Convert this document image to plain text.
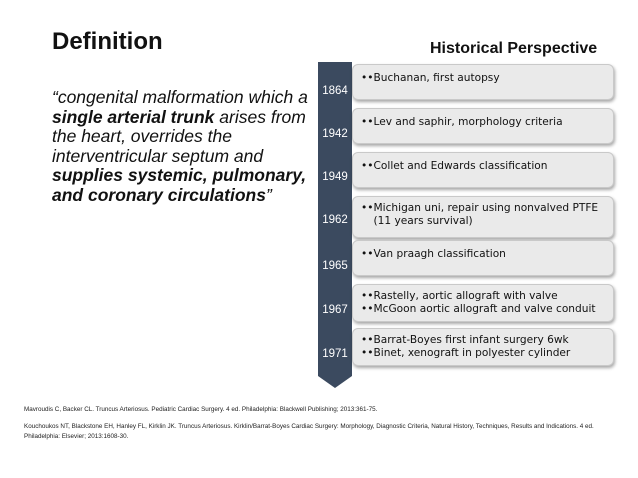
Definition	Historical Perspective
“congenital malformation which a single arterial trunk arises from the heart, overrides the interventricular septum and supplies systemic, pulmonary, and coronary circulations”
1864
•• Buchanan, first autopsy
1942
•• Lev and saphir, morphology criteria
1949
•• Collet and Edwards classification
1962
•• Michigan uni, repair using nonvalved PTFE (11 years survival)
1965
•• Van praagh classification
1967
•• Rastelly, aortic allograft with valve
•• McGoon aortic allograft and valve conduit
1971
•• Barrat-Boyes first infant surgery 6wk
•• Binet, xenograft in polyester cylinder
Mavroudis C, Backer CL. Truncus Arteriosus. Pediatric Cardiac Surgery. 4 ed. Philadelphia: Blackwell Publishing; 2013:361-75.
Kouchoukos NT, Blackstone EH, Hanley FL, Kirklin JK. Truncus Arteriosus. Kirklin/Barrat-Boyes Cardiac Surgery: Morphology, Diagnostic Criteria, Natural History, Techniques, Results and Indications. 4 ed. Philadelphia: Elsevier; 2013:1608-30.
